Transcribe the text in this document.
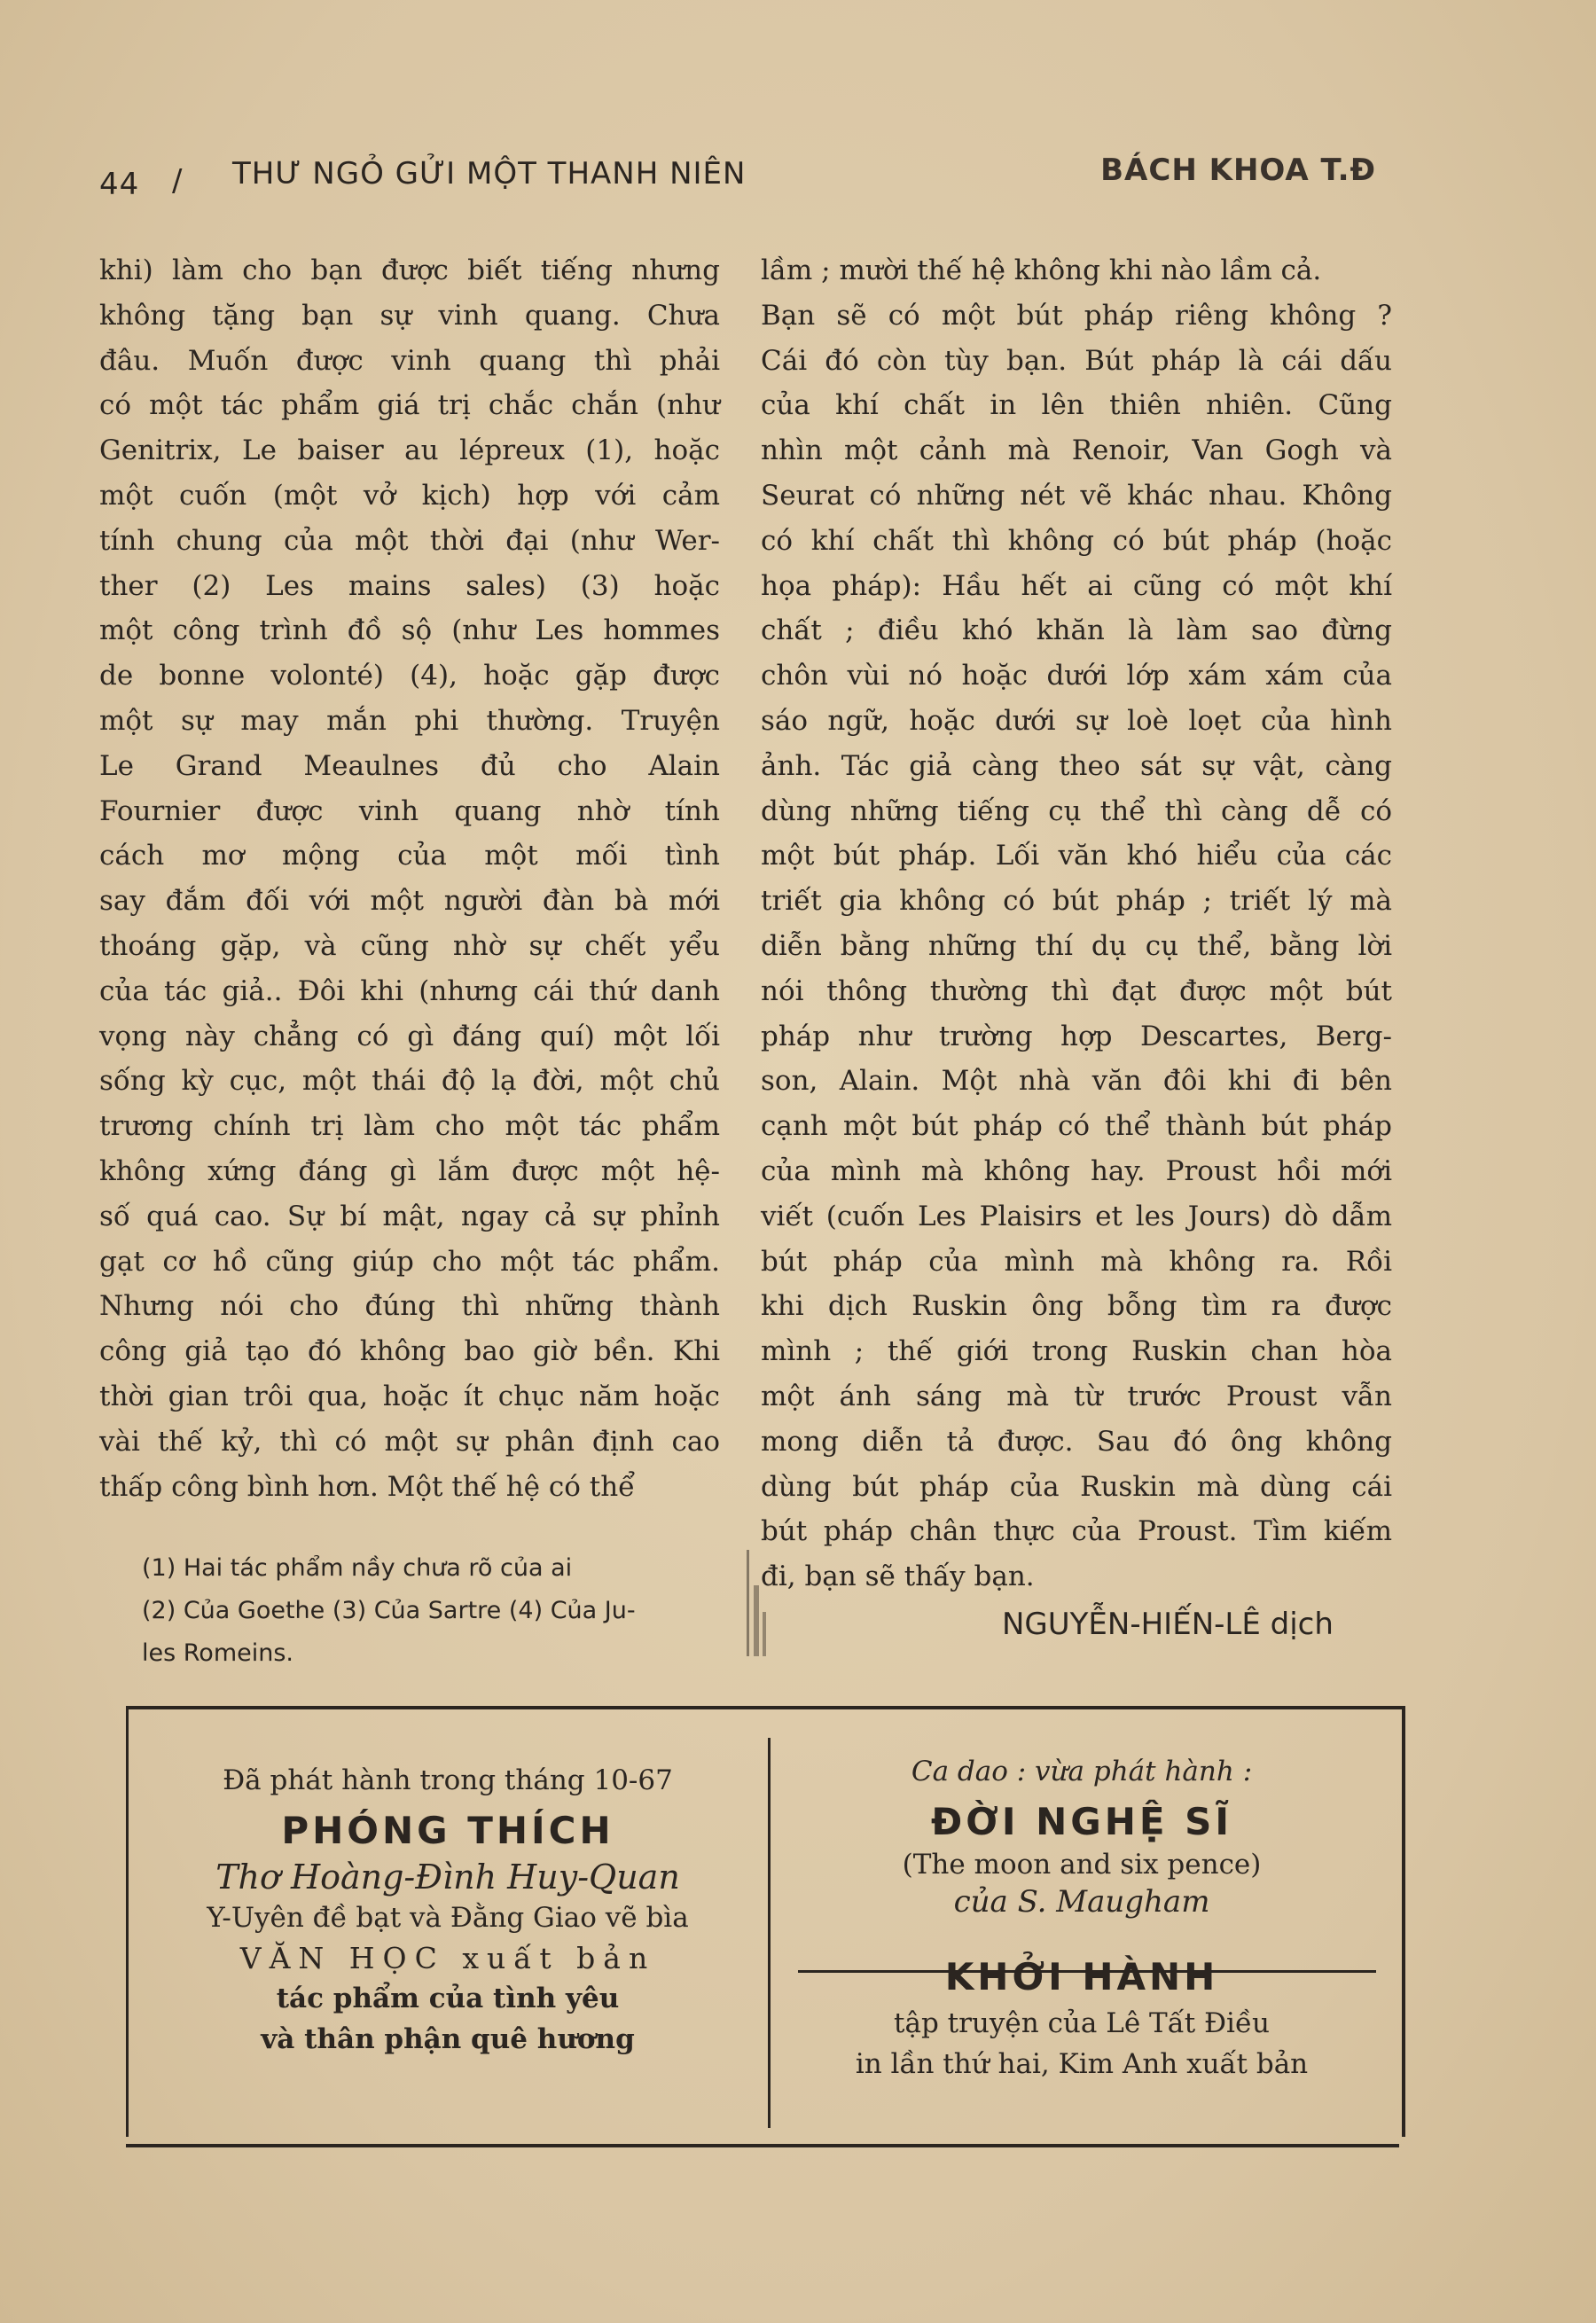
44 / THƯ NGỎ GỬI MỘT THANH NIÊN	BÁCH KHOA T.Đ
khi) làm cho bạn được biết tiếng nhưng
không tặng bạn sự vinh quang. Chưa
đâu. Muốn được vinh quang thì phải
có một tác phẩm giá trị chắc chắn (như
Genitrix, Le baiser au lépreux (1), hoặc
một cuốn (một vở kịch) hợp với cảm
tính chung của một thời đại (như Wer-
ther (2) Les mains sales) (3) hoặc
một công trình đồ sộ (như Les hommes
de bonne volonté) (4), hoặc gặp được
một sự may mắn phi thường. Truyện
Le Grand Meaulnes đủ cho Alain
Fournier được vinh quang nhờ tính
cách mơ mộng của một mối tình
say đắm đối với một người đàn bà mới
thoáng gặp, và cũng nhờ sự chết yểu
của tác giả.. Đôi khi (nhưng cái thứ danh
vọng này chẳng có gì đáng quí) một lối
sống kỳ cục, một thái độ lạ đời, một chủ
trương chính trị làm cho một tác phẩm
không xứng đáng gì lắm được một hệ-
số quá cao. Sự bí mật, ngay cả sự phỉnh
gạt cơ hồ cũng giúp cho một tác phẩm.
Nhưng nói cho đúng thì những thành
công giả tạo đó không bao giờ bền. Khi
thời gian trôi qua, hoặc ít chục năm hoặc
vài thế kỷ, thì có một sự phân định cao
thấp công bình hơn. Một thế hệ có thể
lầm ; mười thế hệ không khi nào lầm cả.
Bạn sẽ có một bút pháp riêng không ?
Cái đó còn tùy bạn. Bút pháp là cái dấu
của khí chất in lên thiên nhiên. Cũng
nhìn một cảnh mà Renoir, Van Gogh và
Seurat có những nét vẽ khác nhau. Không
có khí chất thì không có bút pháp (hoặc
họa pháp): Hầu hết ai cũng có một khí
chất ; điều khó khăn là làm sao đừng
chôn vùi nó hoặc dưới lớp xám xám của
sáo ngữ, hoặc dưới sự loè loẹt của hình
ảnh. Tác giả càng theo sát sự vật, càng
dùng những tiếng cụ thể thì càng dễ có
một bút pháp. Lối văn khó hiểu của các
triết gia không có bút pháp ; triết lý mà
diễn bằng những thí dụ cụ thể, bằng lời
nói thông thường thì đạt được một bút
pháp như trường hợp Descartes, Berg-
son, Alain. Một nhà văn đôi khi đi bên
cạnh một bút pháp có thể thành bút pháp
của mình mà không hay. Proust hồi mới
viết (cuốn Les Plaisirs et les Jours) dò dẫm
bút pháp của mình mà không ra. Rồi
khi dịch Ruskin ông bỗng tìm ra được
mình ; thế giới trong Ruskin chan hòa
một ánh sáng mà từ trước Proust vẫn
mong diễn tả được. Sau đó ông không
dùng bút pháp của Ruskin mà dùng cái
bút pháp chân thực của Proust. Tìm kiếm
đi, bạn sẽ thấy bạn.
(1) Hai tác phẩm nầy chưa rõ của ai
(2) Của Goethe (3) Của Sartre (4) Của Ju-
les Romeins.
NGUYỄN-HIẾN-LÊ dịch
Đã phát hành trong tháng 10-67
PHÓNG THÍCH
Thơ Hoàng-Đình Huy-Quan
Y-Uyên đề bạt và Đằng Giao vẽ bìa
VĂN HỌC xuất bản
tác phẩm của tình yêu
và thân phận quê hương
Ca dao : vừa phát hành :
ĐỜI NGHỆ SĨ
(The moon and six pence)
của S. Maugham
KHỞI HÀNH
tập truyện của Lê Tất Điều
in lần thứ hai, Kim Anh xuất bản
